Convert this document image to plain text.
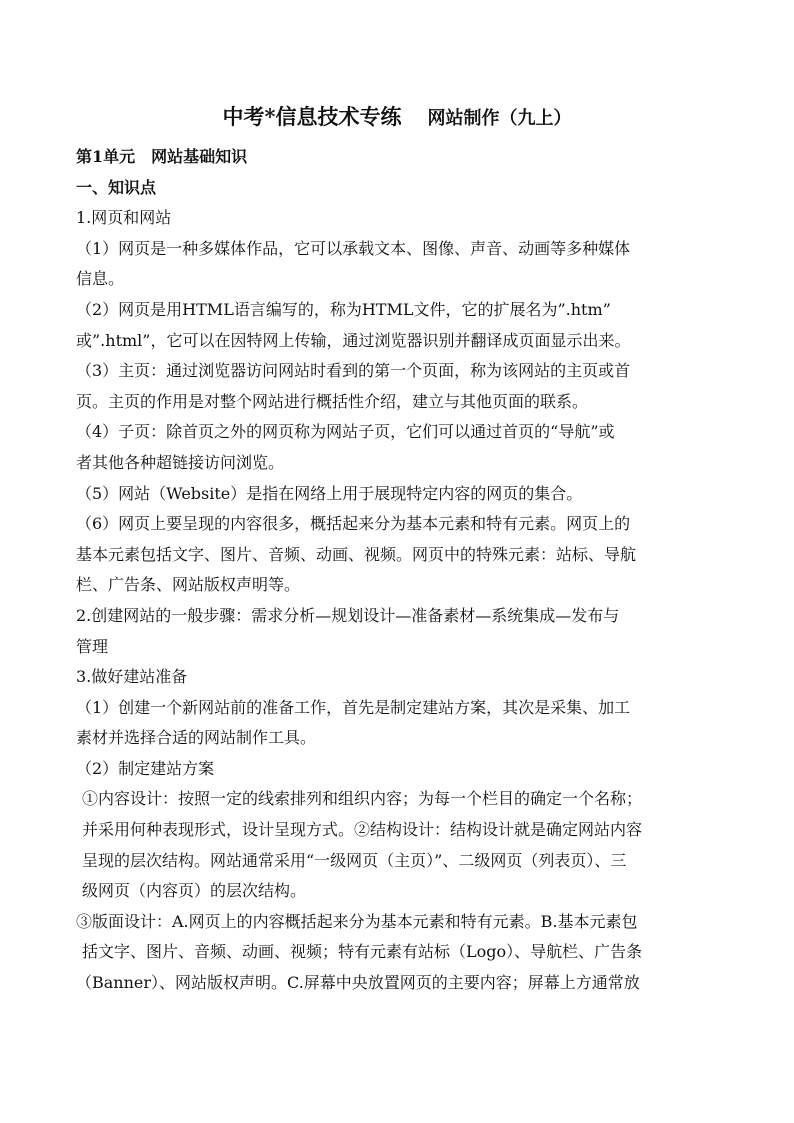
中考*信息技术专练 网站制作（九上）
第1单元　网站基础知识
一、知识点
1.网页和网站
（1）网页是一种多媒体作品，它可以承载文本、图像、声音、动画等多种媒体
信息。
（2）网页是用HTML语言编写的，称为HTML文件，它的扩展名为”.htm”
或”.html”，它可以在因特网上传输，通过浏览器识别并翻译成页面显示出来。
（3）主页：通过浏览器访问网站时看到的第一个页面，称为该网站的主页或首
页。主页的作用是对整个网站进行概括性介绍，建立与其他页面的联系。
（4）子页：除首页之外的网页称为网站子页，它们可以通过首页的“导航”或
者其他各种超链接访问浏览。
（5）网站（Website）是指在网络上用于展现特定内容的网页的集合。
（6）网页上要呈现的内容很多，概括起来分为基本元素和特有元素。网页上的
基本元素包括文字、图片、音频、动画、视频。网页中的特殊元素：站标、导航
栏、广告条、网站版权声明等。
2.创建网站的一般步骤：需求分析—规划设计—准备素材—系统集成—发布与
管理
3.做好建站准备
（1）创建一个新网站前的准备工作，首先是制定建站方案，其次是采集、加工
素材并选择合适的网站制作工具。
（2）制定建站方案
①内容设计：按照一定的线索排列和组织内容；为每一个栏目的确定一个名称；
并采用何种表现形式，设计呈现方式。②结构设计：结构设计就是确定网站内容
呈现的层次结构。网站通常采用“一级网页（主页）”、二级网页（列表页）、三
级网页（内容页）的层次结构。
③版面设计：A.网页上的内容概括起来分为基本元素和特有元素。B.基本元素包
括文字、图片、音频、动画、视频；特有元素有站标（Logo）、导航栏、广告条
（Banner）、网站版权声明。C.屏幕中央放置网页的主要内容；屏幕上方通常放
